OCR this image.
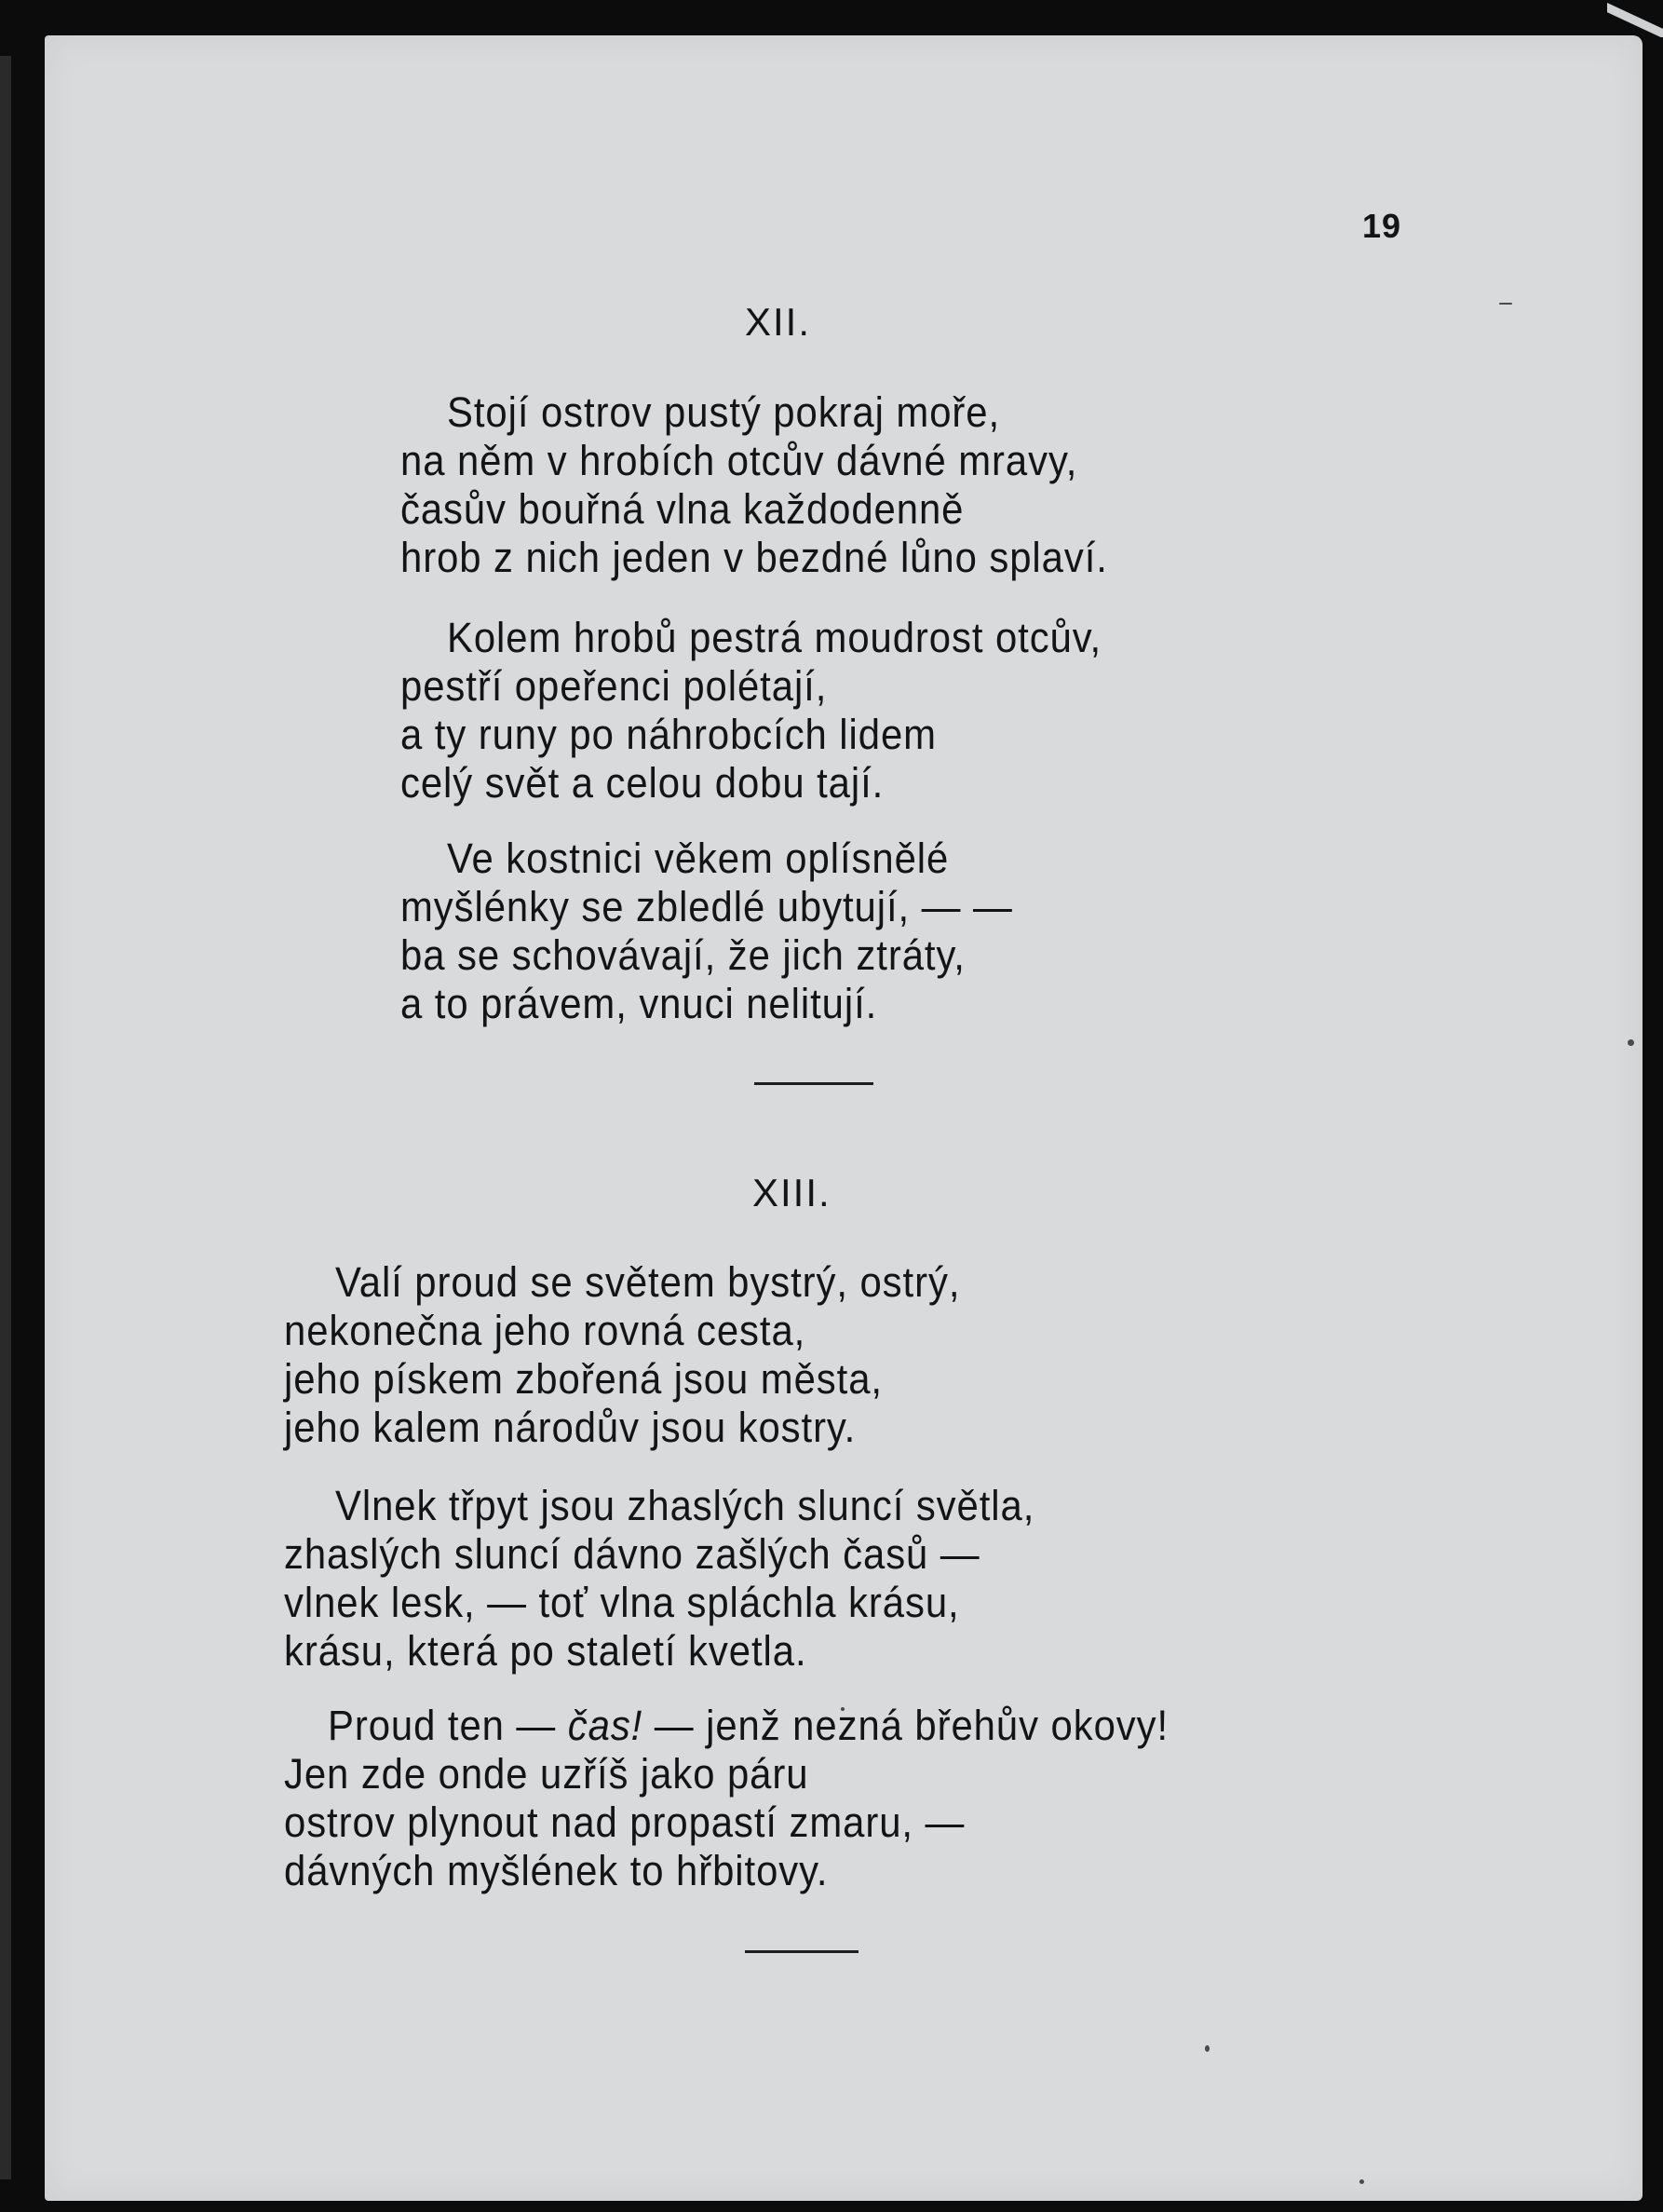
19
XII.
Stojí ostrov pustý pokraj moře,
na něm v hrobích otcův dávné mravy,
časův bouřná vlna každodenně
hrob z nich jeden v bezdné lůno splaví.
Kolem hrobů pestrá moudrost otcův,
pestří opeřenci polétají,
a ty runy po náhrobcích lidem
celý svět a celou dobu tají.
Ve kostnici věkem oplísnělé
myšlénky se zbledlé ubytují, — —
ba se schovávají, že jich ztráty,
a to právem, vnuci nelitují.
XIII.
Valí proud se světem bystrý, ostrý,
nekonečna jeho rovná cesta,
jeho pískem zbořená jsou města,
jeho kalem národův jsou kostry.
Vlnek třpyt jsou zhaslých sluncí světla,
zhaslých sluncí dávno zašlých časů —
vlnek lesk, — toť vlna spláchla krásu,
krásu, která po staletí kvetla.
Proud ten — čas! — jenž nezná břehův okovy!
Jen zde onde uzříš jako páru
ostrov plynout nad propastí zmaru, —
dávných myšlének to hřbitovy.
